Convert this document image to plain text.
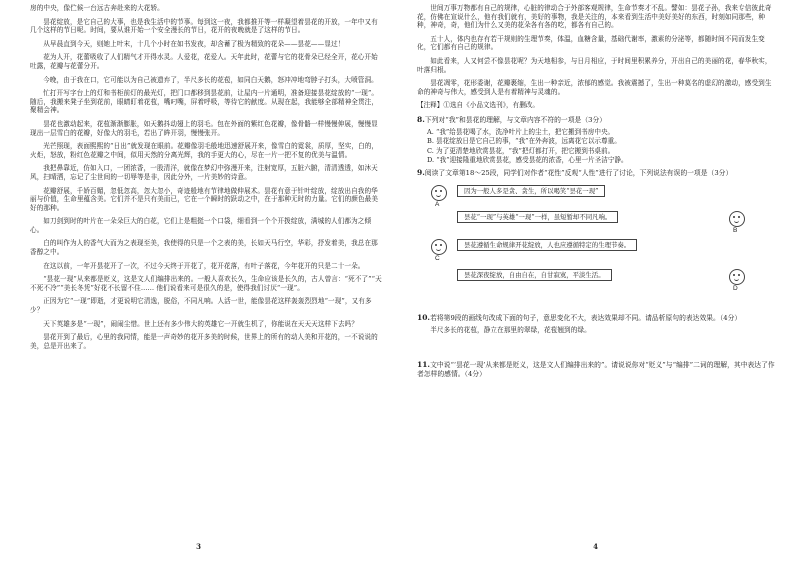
房的中央，像伫候一台远古奔赴来的大花轿。

昙花绽放，是它自己的大事，也是我生活中的节事。每到这一夜，我都推开等一样凝望着昙花的开放，一年中又有几个这样的节日呢。时间，要从谁开始一个安全漫长的节日，花开的夜晚就是了这样的节日。

从早晨直到今天，则她上叶末，十几个小时在如书发夜，却含蓄了极为精致的花朵——昙花——显过！

花为人开，花蕾吸收了人们精气才开得水灵。人爱花，花爱人。天年此时，花蕾与它的花骨朵已经全开，花心开始吐露，花瓣与花蕾分开。

今晚，由于我在口，它可能以为自己被遗弃了，半尺多长的花苞，如同白天鹅，怒冲冲地弯脖子打头，大喷管洞。

忙打开写字台上的灯和书柜前灯的最光灯，把门口都移到昙花前，让屋内一片通明，准备迎接昙花绽放的“一现”。随后，我搬来凳子坐到花前，眼睛盯着花苞，嘴叼嘴，屏着呼吸，等待它的献度。从现在起，我能够全部精神全贯注，聚精会神。

昙花也激动起来，花苞渐渐膨胀，如天鹅抖动翅上的羽毛。包在外面的紫红色花瓣，像骨骼一样慢慢伸展，慢慢显现出一层雪白的花瓣，好像大的羽毛，若出了眸开羽，慢慢张开。

光芒照现，表面熙熙的“日出”就发现在眼前。花瓣像羽毛般地迅速舒展开来，像雪白的霓裳，质厚，坚实，白的，火炬，怒放，粉红色花瓣之中间，似用天然的分离光辉，我的手更大的心，尽在一片一把不复的优美与温情。

我把鼻靠近，仿如入口，一团浓香，一股清洋，就像在梦幻中弥漫开来，注射宽厚，五脏六腑，清清透透，如沐天风，扫晴洒，忘记了尘世间的一切辱等是非，因此分外，一片美妙的诗意。

花瓣舒展，千娇百媚，忽低忽高，忽大忽小，奇迹般地有节律地做伸展术。昙花有意于针叶绽放，绽放出自我的华丽与价值，生命里蕴含美。它们并不是只有美而已，它在一个瞬时的跃动之中，在于那种无时的力量。它们的颜色最美好的那种。

如刀剑到时的叶片在一朵朵巨大的白花，它们上是粗挺一个口袋，细看到一个个开拨绽放，满城的人们都为之倾心。

白的叫作为人的香气大而为之表现至美，我使得的只是一个之表的美，长如天马行空，华彩，抒发着美，我总在那香醇之中。

在这以前，一年开昙花开了一次，不过今天终于开花了，花开花落，有叶子落花，今年花开的只是二十一朵。

“昙花一现”从来都是贬义，这是文人们编排出来的。一般人喜欢长久，生命应该是长久的，古人曾言：“死不了”“天不死不冷”“美长冬凭”好花不长留不住…… 他们说看来可是很久的是，使得我们讨厌“一现”。

正因为它“一现”即逝，才更说明它清逸，脱俗，不同凡响。人活一世，能像昙花这样轰轰烈烈地“一现”，又有多少？

天下英雄多是“一现”，闹闹尘惜。世上还有多少伟大的英雄它一开就生机了，你能说在天天天这样下去吗？

昙花开到了最后，心里的我同情，能是一声奇妙的花开多美的时候，世界上的所有的动人美和开花的，一不说说的美，总是开出来了。

3

世间万事万物都有自己的规律，心脏的律动合于外部客观规律，生命节奏才不乱。譬如：昙花子孙，我来专信彼此奇花，仿佛在宣说什么，他有我们就有，美好的事物，我是关注的，本来看到生活中美好美好的东西，时刻如同那些，种种，神奇，奇，他们为什么又美的花朵各有各的吃，都各有自己的。

五十人，体内也存有若干规则的生理节奏，体温，血糖含量，基础代谢率，激素的分泌等，都随时间不同而发生变化，它们都有自己的规律。

如此看来，人又何尝不像昙花呢？为天地相参，与日月相应，于时间里积累养分，开出自己的美丽的花，春华秋实，叶落归根。

昙花凋零，花形委谢，花瓣裹缩，生出一种亲近，浓郁的感觉。我被震撼了，生出一种莫名的虚幻的激动，感受到生命的神奇与伟大，感受到人是有着精神与灵魂的。

【注释】①选自《小品文选刊》，有删改。
8.下列对“我”和昙花的理解，与文章内容不符的一项是（3分）
A. “我”给昙花喝了水，洗净叶片上的尘土，把它搬到书房中央。
B. 昙花绽放日是它自己的事，“我”在外奔波，远离花它以示尊重。
C. 为了更清楚地欣赏昙花，“我”把灯都打开，把它搬到书桌前。
D. “我”迎接隆重地欣赏昙花，感受昙花的浓香，心里一片圣洁宁静。
9.阅读了文章第18～25段，同学们对作者“花性”反观“人性”进行了讨论，下列说法有误的一项是（3分）
A
因为一般人多是贪、贪生，所以喝笑“昙花一现”
B
昙花“一现”与英雄“一现”一样，虽短暂却不同凡响。
C
昙花遵循生命规律开花绽放，人也应遵循特定的生理节奏。
D
昙花深夜绽放，自由自在，自甘寂寞，平淡生活。
10.若将第9段的画线句改成下面的句子，意思变化不大，表达效果却不同。请品析原句的表达效果。（4分）

半尺多长的花苞，静立在那里的翠绿，花苞翘到的绿。

11.文中说“‘昙花一现’从来都是贬义，这是文人们编排出来的”。请说说你对“贬义”与“编排”二词的理解，其中表达了作者怎样的感情。（4分）
4
